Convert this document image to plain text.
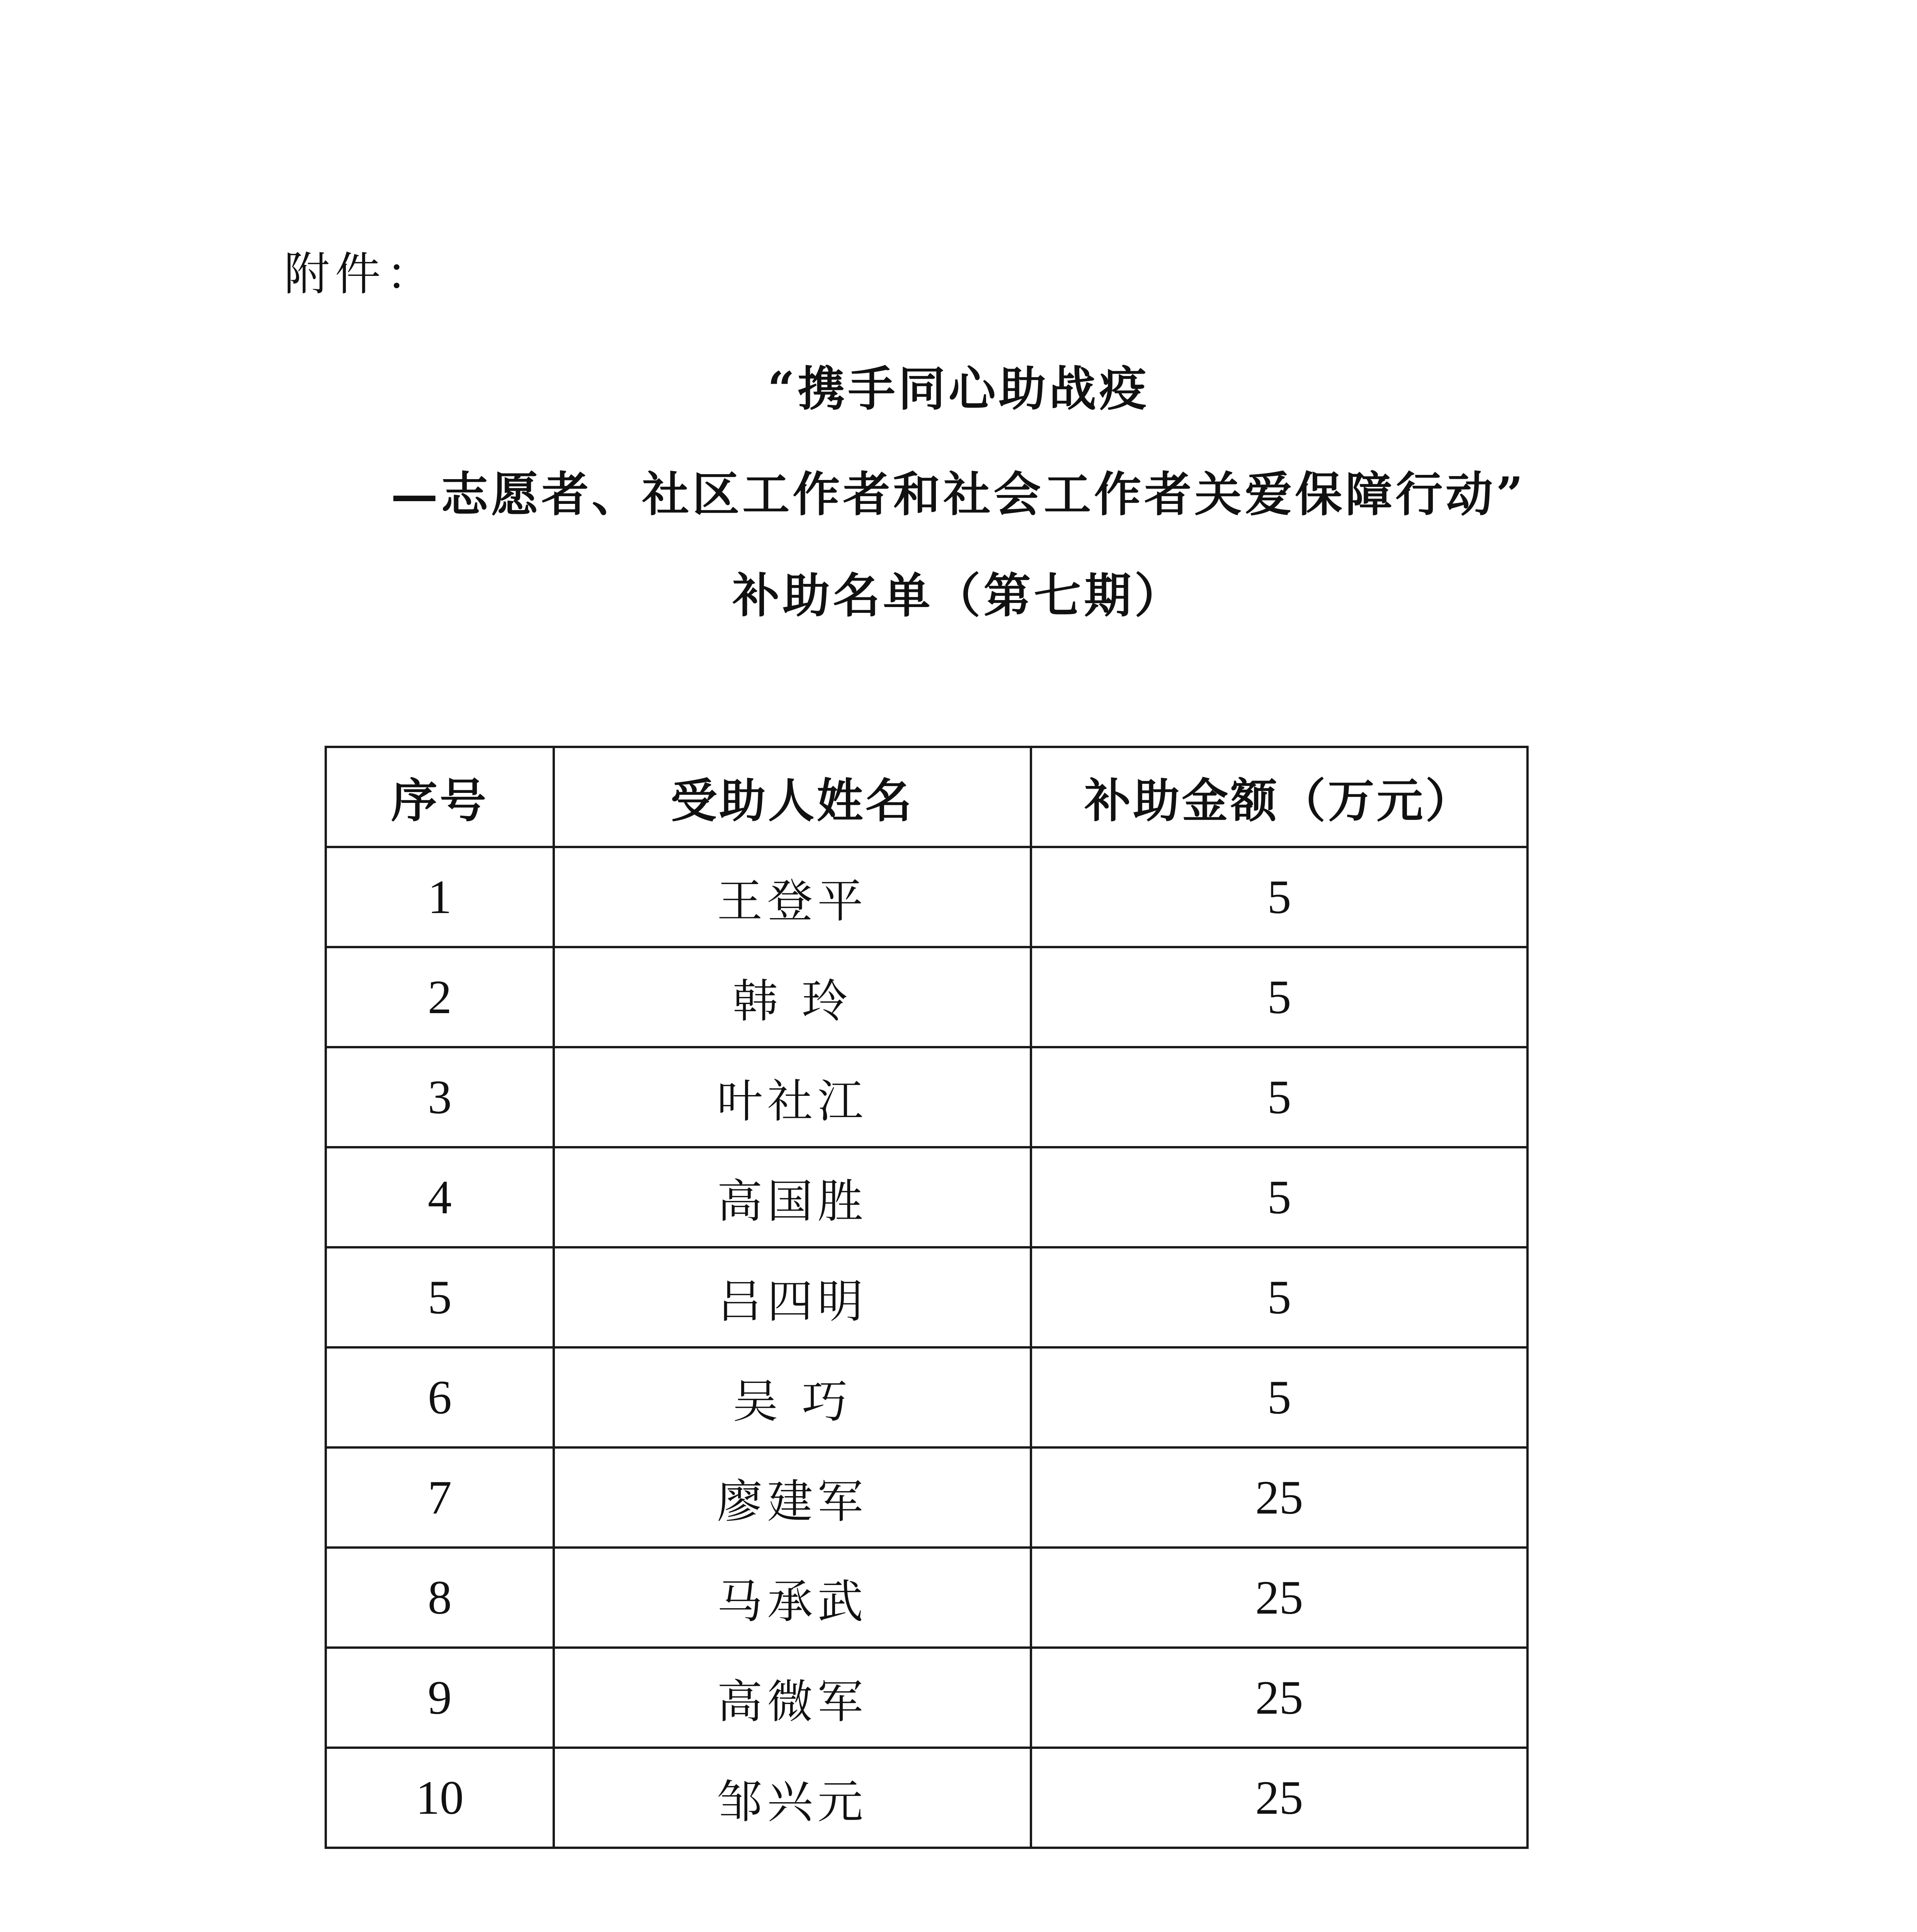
附件：
“携手同心助战疫
—志愿者、社区工作者和社会工作者关爱保障行动”
补助名单（第七期）
序号	受助人姓名	补助金额（万元）
1	王登平	5
2	韩 玲	5
3	叶社江	5
4	高国胜	5
5	吕四明	5
6	吴 巧	5
7	廖建军	25
8	马承武	25
9	高微军	25
10	邹兴元	25
